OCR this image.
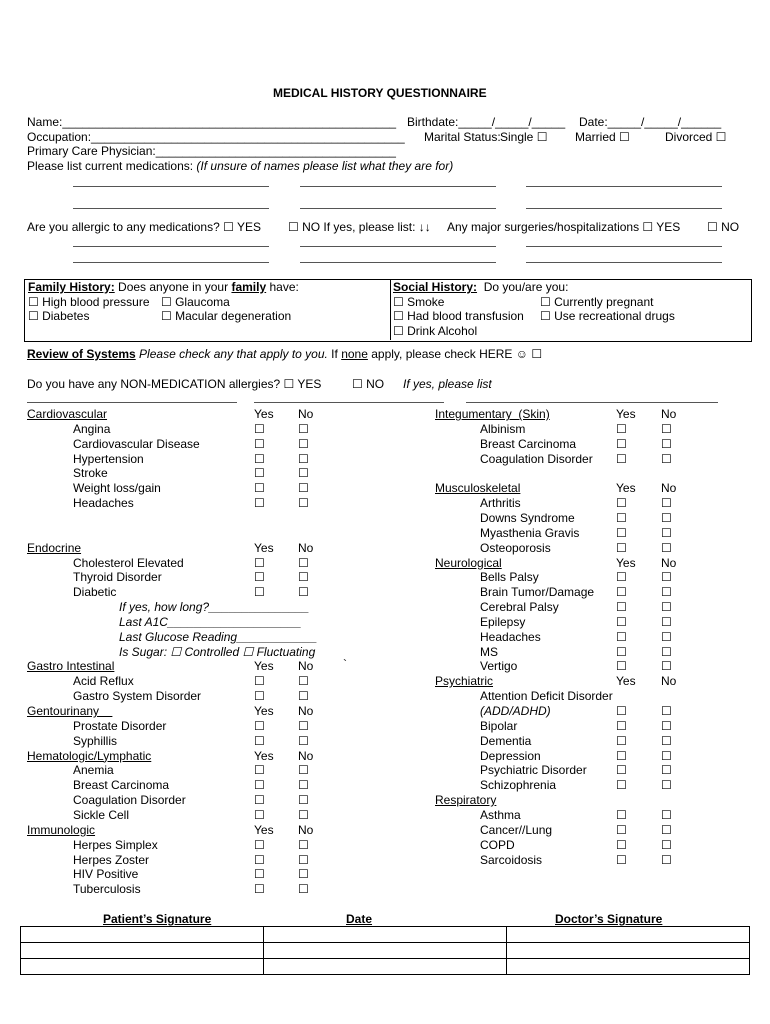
MEDICAL HISTORY QUESTIONNAIRE
Name:__________________________________________________ Birthdate:_____/_____/_____ Date:_____/_____/______
Occupation:_______________________________________________ Marital Status: Single ☐ Married ☐	Divorced ☐
Primary Care Physician:____________________________________
Please list current medications: (If unsure of names please list what they are for)
Are you allergic to any medications? ☐ YES ☐ NO If yes, please list: ↓↓ Any major surgeries/hospitalizations ☐ YES ☐ NO
Family History: Does anyone in your family have:
☐ High blood pressure ☐ Glaucoma
☐ Diabetes	☐ Macular degeneration
Social History:  Do you/are you:
☐ Smoke	☐ Currently pregnant
☐ Had blood transfusion ☐ Use recreational drugs
☐ Drink Alcohol
Review of Systems Please check any that apply to you. If none apply, please check HERE ☺ ☐
Do you have any NON-MEDICATION allergies? ☐ YES	☐ NO If yes, please list
Cardiovascular	Yes No
Angina	☐	☐
Cardiovascular Disease	☐	☐
Hypertension	☐	☐
Stroke	☐	☐
Weight loss/gain	☐	☐
Headaches	☐	☐
Endocrine	Yes No
Cholesterol Elevated	☐	☐
Thyroid Disorder	☐	☐
Diabetic	☐	☐
Gastro Intestinal	Yes No
Acid Reflux	☐	☐
Gastro System Disorder	☐	☐
Gentourinany	Yes No
Prostate Disorder	☐	☐
Syphillis	☐	☐
Hematologic/Lymphatic	Yes No
Anemia	☐	☐
Breast Carcinoma	☐	☐
Coagulation Disorder	☐	☐
Sickle Cell	☐	☐
Immunologic	Yes No
Herpes Simplex	☐	☐
Herpes Zoster	☐	☐
HIV Positive	☐	☐
Tuberculosis	☐	☐
If yes, how long?_______________
Last A1C____________________
Last Glucose Reading____________
Is Sugar: ☐ Controlled ☐ Fluctuating
Integumentary  (Skin)	Yes No
Albinism	☐	☐
Breast Carcinoma	☐	☐
Coagulation Disorder ☐	☐
Musculoskeletal	Yes No
Arthritis	☐	☐
Downs Syndrome	☐	☐
Myasthenia Gravis	☐	☐
Osteoporosis	☐	☐
Neurological	Yes No
Bells Palsy	☐	☐
Brain Tumor/Damage ☐	☐
Cerebral Palsy	☐	☐
Epilepsy	☐	☐
Headaches	☐	☐
MS	☐	☐
Vertigo	☐	☐
Psychiatric	Yes No
Attention Deficit Disorder
(ADD/ADHD)	☐	☐
Bipolar	☐	☐
Dementia	☐	☐
Depression	☐	☐
Psychiatric Disorder ☐	☐
Schizophrenia	☐	☐
Respiratory
Asthma	☐	☐
Cancer//Lung	☐	☐
COPD	☐	☐
Sarcoidosis	☐	☐
`
Patient’s Signature	Date	Doctor’s Signature
